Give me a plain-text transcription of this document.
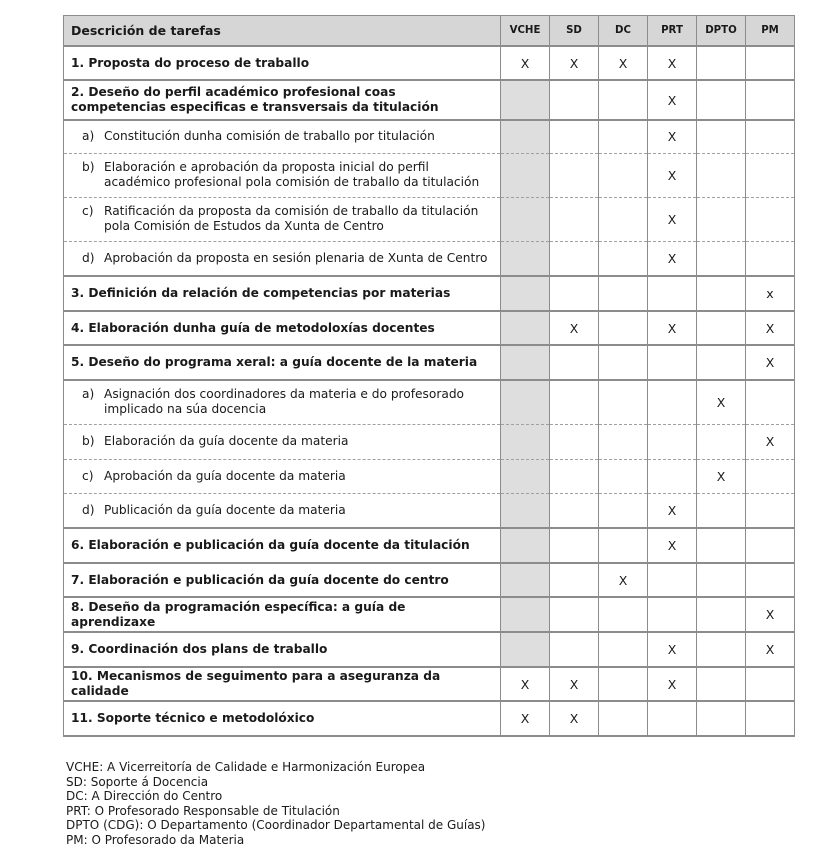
Descrición de tarefas	VCHE	SD	DC	PRT	DPTO	PM
1. Proposta do proceso de traballo	X	X	X	X		
2. Deseño do perfil académico profesional coas competencias especificas e transversais da titulación				X		

a) Constitución dunha comisión de traballo por titulación				X		

b) Elaboración e aprobación da proposta inicial do perfil académico profesional pola comisión de traballo da titulación				X		

c) Ratificación da proposta da comisión de traballo da titulación pola Comisión de Estudos da Xunta de Centro				X		

d) Aprobación da proposta en sesión plenaria de Xunta de Centro				X		
3. Definición da relación de competencias por materias						x
4. Elaboración dunha guía de metodoloxías docentes		X		X		X
5. Deseño do programa xeral: a guía docente de la materia						X

a) Asignación dos coordinadores da materia e do profesorado implicado na súa docencia					X	

b) Elaboración da guía docente da materia						X

c) Aprobación da guía docente da materia					X	

d) Publicación da guía docente da materia				X		
6. Elaboración e publicación da guía docente da titulación				X		
7. Elaboración e publicación da guía docente do centro			X			
8. Deseño da programación específica: a guía de aprendizaxe						X
9. Coordinación dos plans de traballo				X		X
10. Mecanismos de seguimento para a aseguranza da calidade	X	X		X		
11. Soporte técnico e metodolóxico	X	X				
VCHE: A Vicerreitoría de Calidade e Harmonización Europea
SD: Soporte á Docencia
DC: A Dirección do Centro
PRT: O Profesorado Responsable de Titulación
DPTO (CDG): O Departamento (Coordinador Departamental de Guías)
PM: O Profesorado da Materia
